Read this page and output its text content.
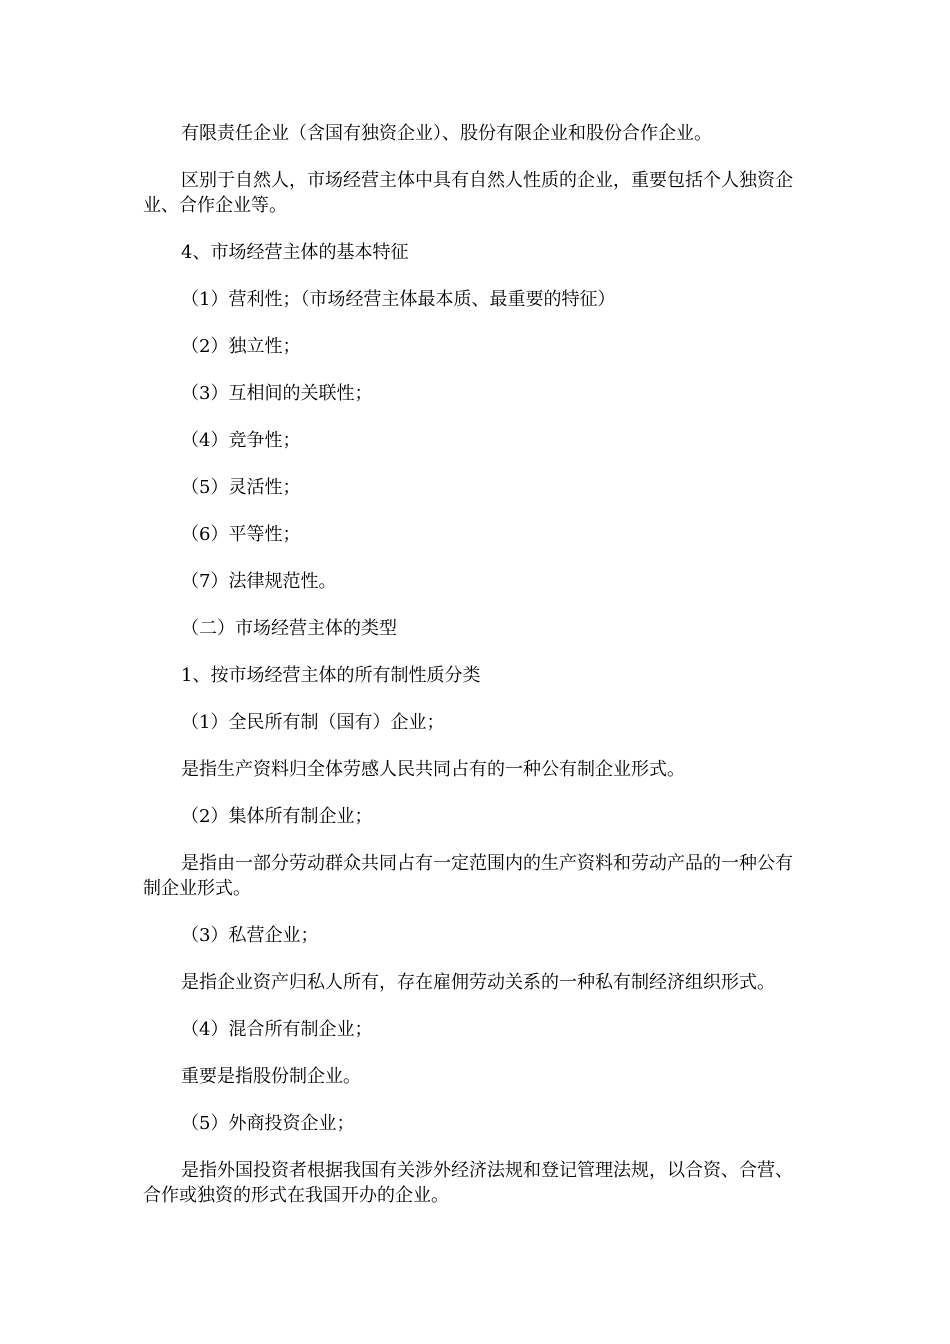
有限责任企业（含国有独资企业）、股份有限企业和股份合作企业。

区别于自然人，市场经营主体中具有自然人性质的企业，重要包括个人独资企业、合作企业等。

4、市场经营主体的基本特征

（1）营利性；（市场经营主体最本质、最重要的特征）

（2）独立性；

（3）互相间的关联性；

（4）竞争性；

（5）灵活性；

（6）平等性；

（7）法律规范性。

（二）市场经营主体的类型

1、按市场经营主体的所有制性质分类

（1）全民所有制（国有）企业；

是指生产资料归全体劳感人民共同占有的一种公有制企业形式。

（2）集体所有制企业；

是指由一部分劳动群众共同占有一定范围内的生产资料和劳动产品的一种公有制企业形式。

（3）私营企业；

是指企业资产归私人所有，存在雇佣劳动关系的一种私有制经济组织形式。

（4）混合所有制企业；

重要是指股份制企业。

（5）外商投资企业；

是指外国投资者根据我国有关涉外经济法规和登记管理法规，以合资、合营、合作或独资的形式在我国开办的企业。
